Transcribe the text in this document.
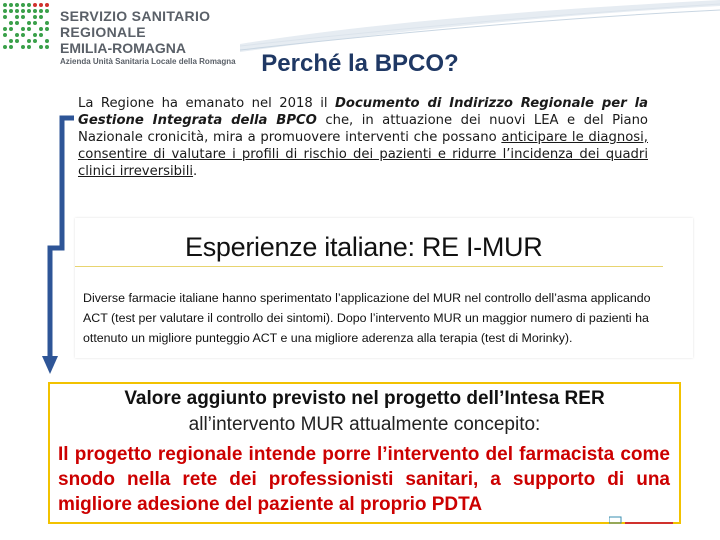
SERVIZIO SANITARIO REGIONALE
EMILIA-ROMAGNA
Azienda Unità Sanitaria Locale della Romagna	Perché la BPCO?

La Regione ha emanato nel 2018 il Documento di Indirizzo Regionale per la Gestione Integrata della BPCO che, in attuazione dei nuovi LEA e del Piano Nazionale cronicità, mira a promuovere interventi che possano anticipare le diagnosi, consentire di valutare i profili di rischio dei pazienti e ridurre l’incidenza dei quadri clinici irreversibili.

Esperienze italiane: RE I-MUR
Diverse farmacie italiane hanno sperimentato l’applicazione del MUR nel controllo dell’asma applicando ACT (test per valutare il controllo dei sintomi). Dopo l’intervento MUR un maggior numero di pazienti ha ottenuto un migliore punteggio ACT e una migliore aderenza alla terapia (test di Morinky).
Valore aggiunto previsto nel progetto dell’Intesa RER
all’intervento MUR attualmente concepito:
Il progetto regionale intende porre l’intervento del farmacista come snodo nella rete dei professionisti sanitari, a supporto di una migliore adesione del paziente al proprio PDTA
